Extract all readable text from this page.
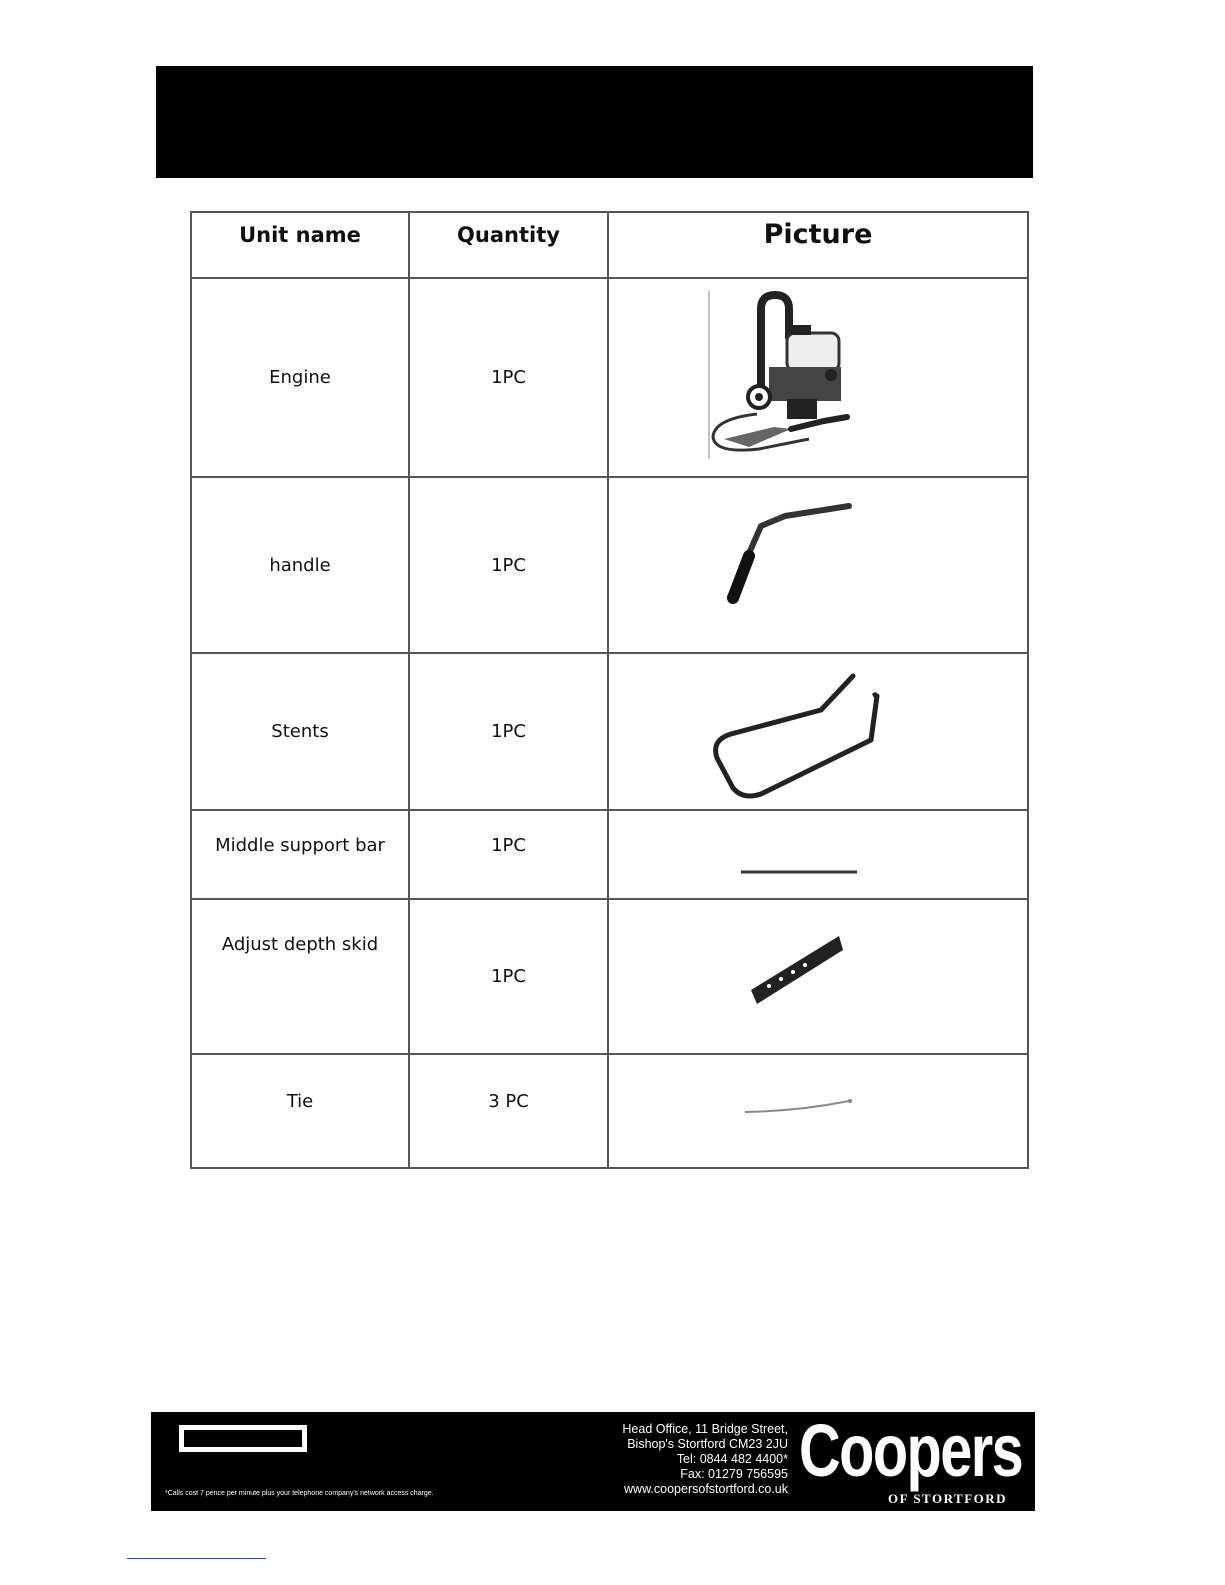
Unit name	Quantity	Picture
Engine	1PC	

handle	1PC	

Stents	1PC	

Middle support bar	1PC	

Adjust depth skid	1PC	

Tie	3 PC	
*Calls cost 7 pence per minute plus your telephone company's network access charge.
Head Office, 11 Bridge Street,
Bishop's Stortford CM23 2JU
Tel: 0844 482 4400*
Fax: 01279 756595
www.coopersofstortford.co.uk Coopers
OF STORTFORD
